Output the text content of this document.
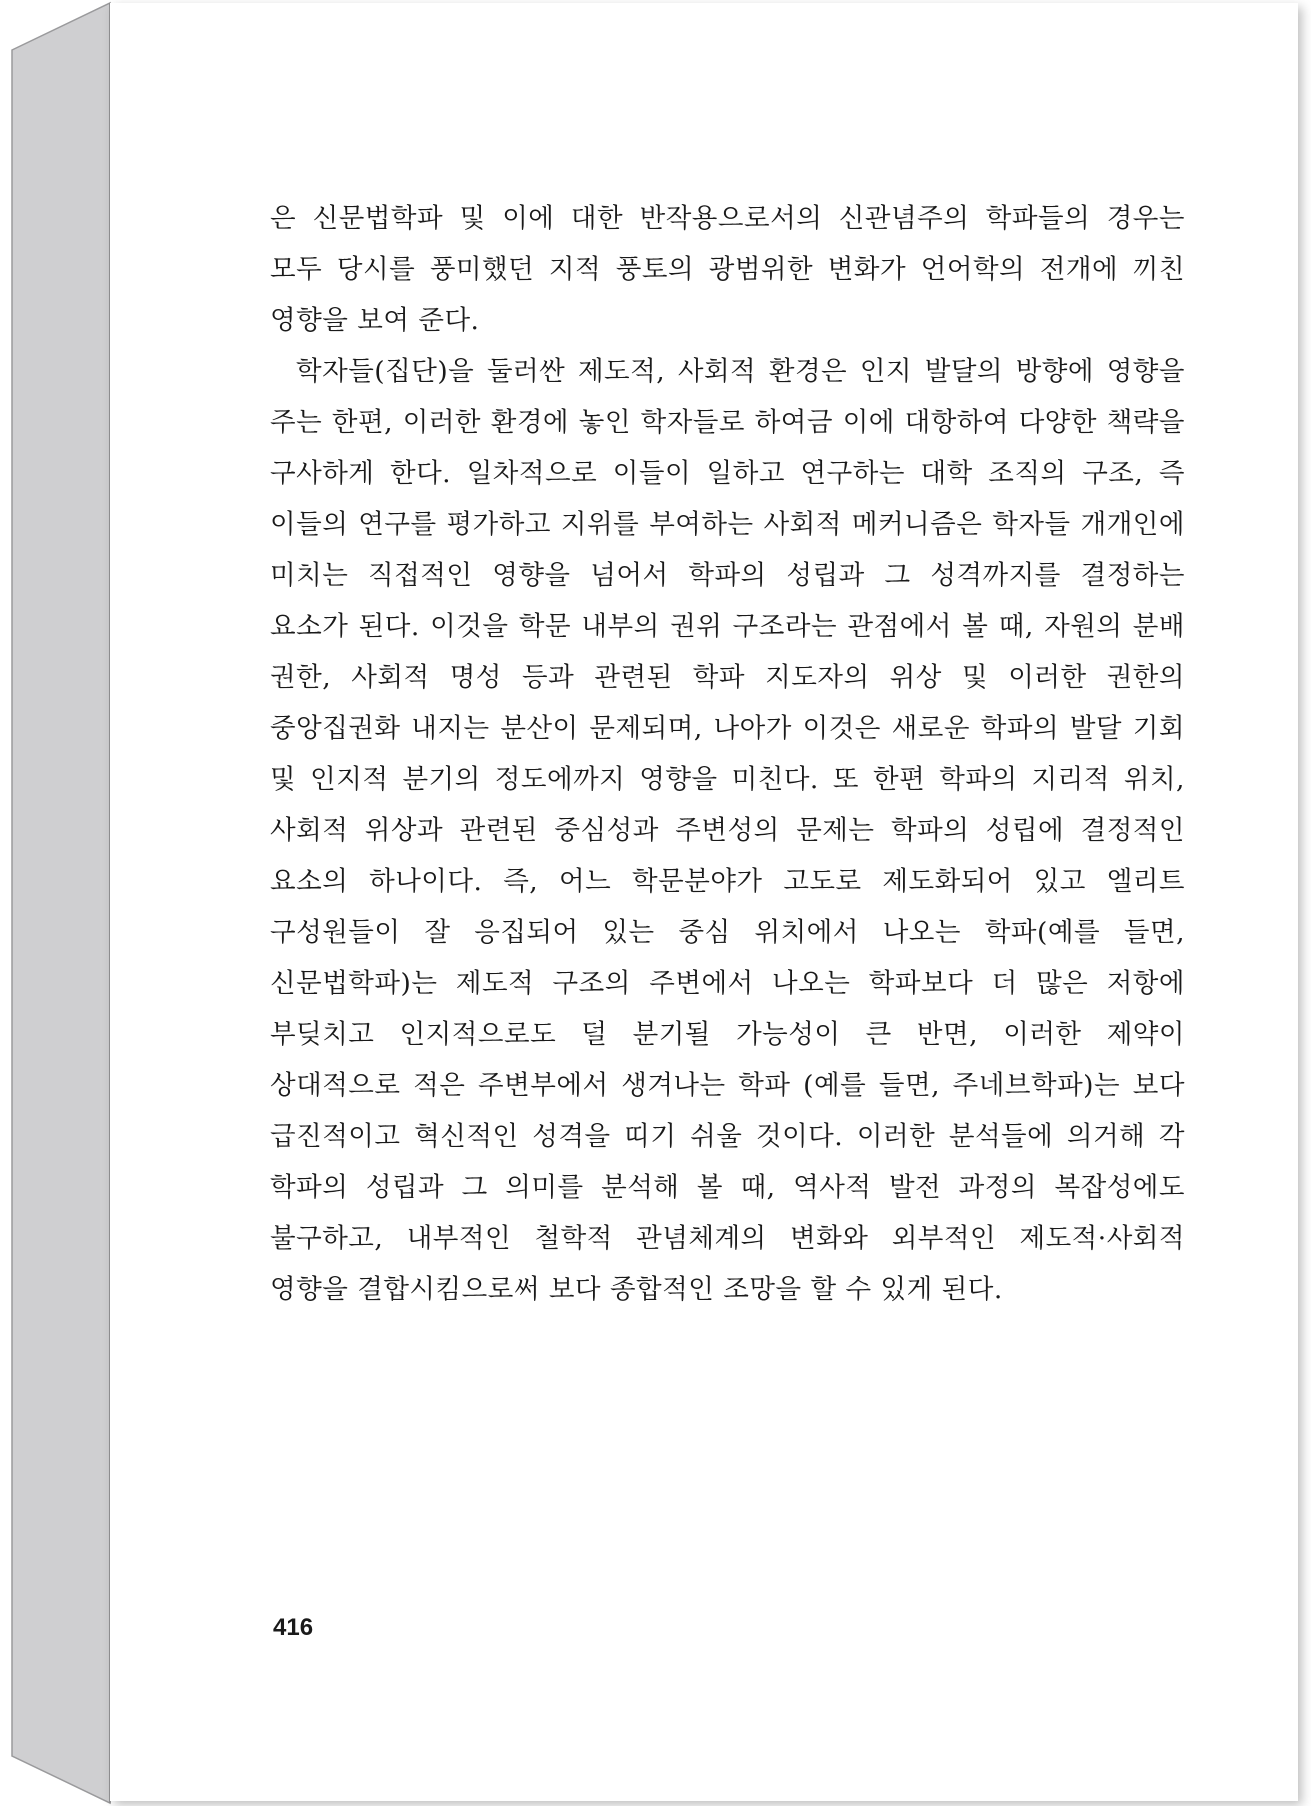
은 신문법학파 및 이에 대한 반작용으로서의 신관념주의 학파들의 경우는 모두 당시를 풍미했던 지적 풍토의 광범위한 변화가 언어학의 전개에 끼친 영향을 보여 준다.

학자들(집단)을 둘러싼 제도적, 사회적 환경은 인지 발달의 방향에 영향을 주는 한편, 이러한 환경에 놓인 학자들로 하여금 이에 대항하여 다양한 책략을 구사하게 한다. 일차적으로 이들이 일하고 연구하는 대학 조직의 구조, 즉 이들의 연구를 평가하고 지위를 부여하는 사회적 메커니즘은 학자들 개개인에 미치는 직접적인 영향을 넘어서 학파의 성립과 그 성격까지를 결정하는 요소가 된다. 이것을 학문 내부의 권위 구조라는 관점에서 볼 때, 자원의 분배 권한, 사회적 명성 등과 관련된 학파 지도자의 위상 및 이러한 권한의 중앙집권화 내지는 분산이 문제되며, 나아가 이것은 새로운 학파의 발달 기회 및 인지적 분기의 정도에까지 영향을 미친다. 또 한편 학파의 지리적 위치, 사회적 위상과 관련된 중심성과 주변성의 문제는 학파의 성립에 결정적인 요소의 하나이다. 즉, 어느 학문분야가 고도로 제도화되어 있고 엘리트 구성원들이 잘 응집되어 있는 중심 위치에서 나오는 학파(예를 들면, 신문법학파)는 제도적 구조의 주변에서 나오는 학파보다 더 많은 저항에 부딪치고 인지적으로도 덜 분기될 가능성이 큰 반면, 이러한 제약이 상대적으로 적은 주변부에서 생겨나는 학파 (예를 들면, 주네브학파)는 보다 급진적이고 혁신적인 성격을 띠기 쉬울 것이다. 이러한 분석들에 의거해 각 학파의 성립과 그 의미를 분석해 볼 때, 역사적 발전 과정의 복잡성에도 불구하고, 내부적인 철학적 관념체계의 변화와 외부적인 제도적·사회적 영향을 결합시킴으로써 보다 종합적인 조망을 할 수 있게 된다.

416
